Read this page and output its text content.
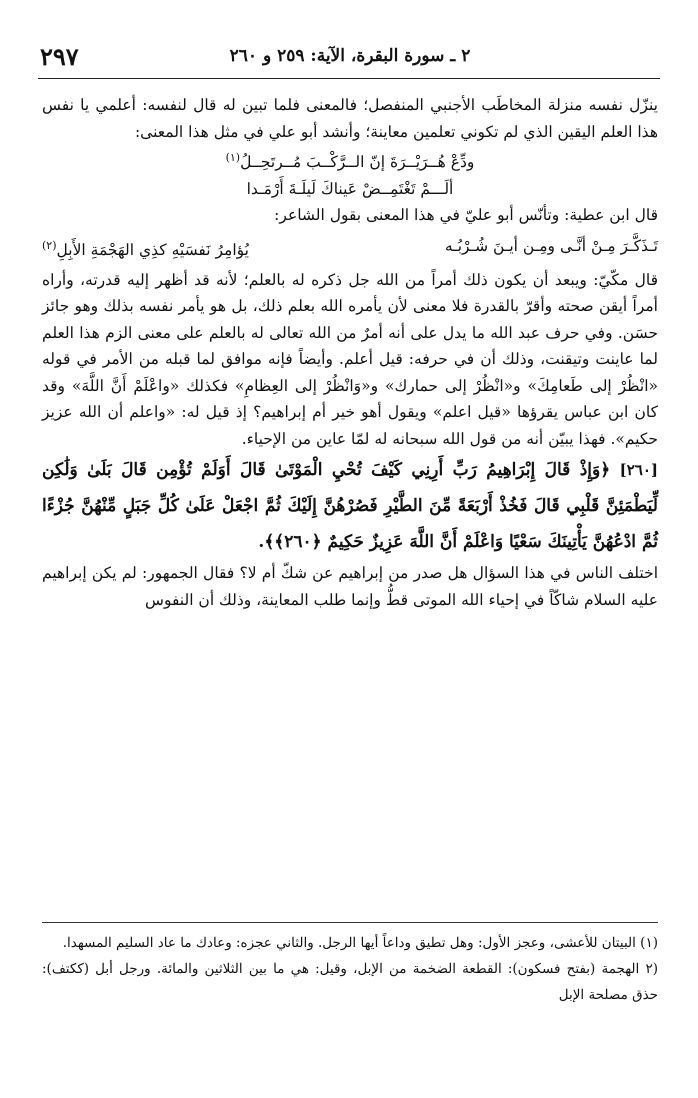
٢٩٧	٢ ـ سورة البقرة، الآية: ٢٥٩ و ٢٦٠

ينزّل نفسه منزلة المخاطَب الأجنبي المنفصل؛ فالمعنى فلما تبين له قال لنفسه: أعلمي يا نفس هذا العلم اليقين الذي لم تكوني تعلمين معاينة؛ وأنشد أبو علي في مثل هذا المعنى:

ودِّعْ هُــرَيْــرَةَ إنّ الــرَّكْــبَ مُــرتَحِــلُ$^{(١)}$

ألَـــمْ تَغْتَمِــضْ عَيناكَ لَيلَـةَ أَرْمَـدا

قال ابن عطية: وتأنّس أبو عليّ في هذا المعنى بقول الشاعر:

تَـذَكَّـرَ مِـنْ أنَّـى ومِـن أيـنَ شُـرْبُـه
يُؤامِرُ نَفسَيْهِ كذِي الهَجْمَةِ الأَبِلِ$^{(٢)}$

قال مكّيّ: ويبعد أن يكون ذلك أمراً من الله جل ذكره له بالعلم؛ لأنه قد أظهر إليه قدرته، وأراه أمراً أيقن صحته وأقرّ بالقدرة فلا معنى لأن يأمره الله بعلم ذلك، بل هو يأمر نفسه بذلك وهو جائز حسَن. وفي حرف عبد الله ما يدل على أنه أمرٌ من الله تعالى له بالعلم على معنى الزم هذا العلم لما عاينت وتيقنت، وذلك أن في حرفه: قيل أعلم. وأيضاً فإنه موافق لما قبله من الأمر في قوله «انْظُرْ إلى طَعامِكَ» و«انْظُرْ إلى حمارك» و«وَانْظُرْ إلى العِظامِ» فكذلك «واعْلَمْ أَنَّ اللَّهَ» وقد كان ابن عباس يقرؤها «قيل اعلم» ويقول أهو خير أم إبراهيم؟ إذ قيل له: «واعلم أن الله عزيز حكيم». فهذا يبيّن أنه من قول الله سبحانه له لمّا عاين من الإحياء.

[٢٦٠] ﴿وَإِذْ قَالَ إِبْرَاهِيمُ رَبِّ أَرِنِي كَيْفَ تُحْيِ الْمَوْتَىٰ قَالَ أَوَلَمْ تُؤْمِن قَالَ بَلَىٰ وَلَٰكِن لِّيَطْمَئِنَّ قَلْبِي قَالَ فَخُذْ أَرْبَعَةً مِّنَ الطَّيْرِ فَصُرْهُنَّ إِلَيْكَ ثُمَّ اجْعَلْ عَلَىٰ كُلِّ جَبَلٍ مِّنْهُنَّ جُزْءًا ثُمَّ ادْعُهُنَّ يَأْتِينَكَ سَعْيًا وَاعْلَمْ أَنَّ اللَّهَ عَزِيزٌ حَكِيمٌ ﴿٢٦٠﴾﴾.

اختلف الناس في هذا السؤال هل صدر من إبراهيم عن شكّ أم لا؟ فقال الجمهور: لم يكن إبراهيم عليه السلام شاكّاً في إحياء الله الموتى قطُّ وإنما طلب المعاينة، وذلك أن النفوس

(١) البيتان للأعشى، وعجز الأول: وهل تطيق وداعاً أيها الرجل. والثاني عجزه: وعادك ما عاد السليم المسهدا.

(٢ الهجمة (بفتح فسكون): القطعة الضخمة من الإبل، وقيل: هي ما بين الثلاثين والمائة. ورجل أبل (ككتف): حذق مصلحة الإبل
